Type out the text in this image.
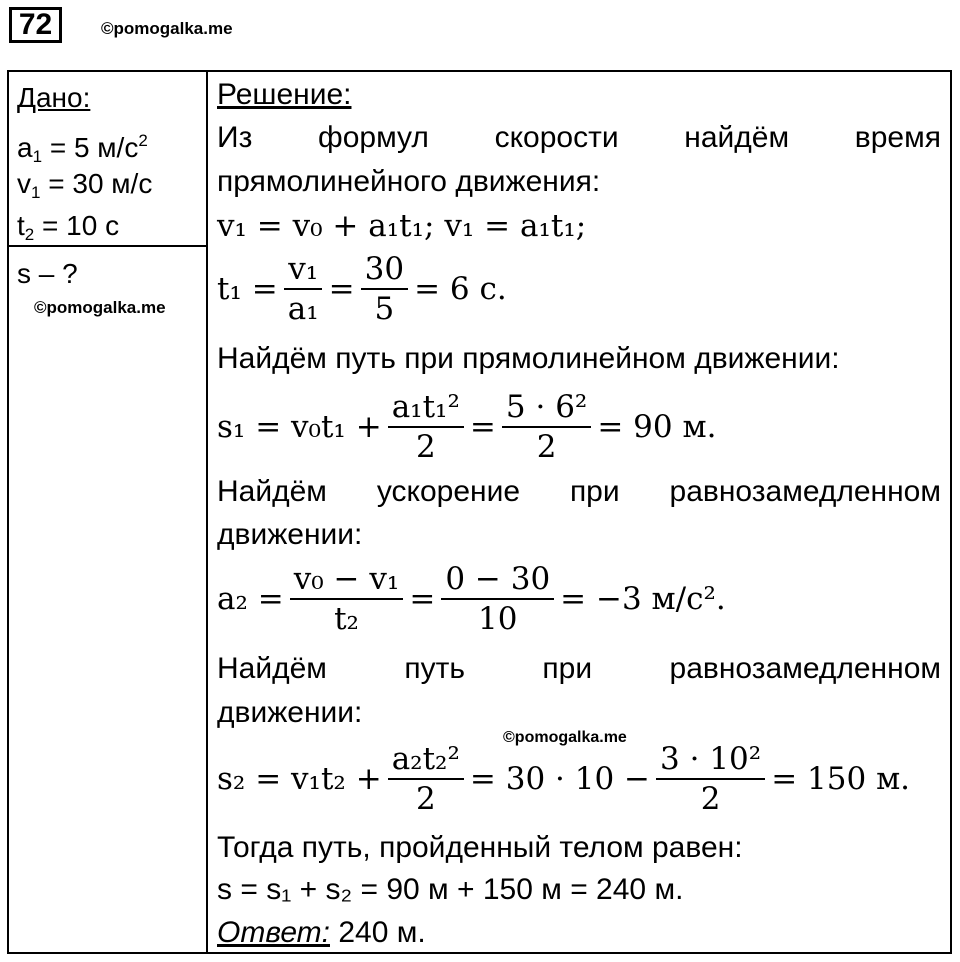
72	©pomogalka.me
Дано:
$a_1 = 5$ $м/с^2$
$v_1 = 30$ м/с
$t_2 = 10$ с
s – ?
©pomogalka.me
Решение:
Из формул скорости найдём время
прямолинейного движения:
v₁ = v₀ + a₁t₁; v₁ = a₁t₁;
$t_1 = \frac{\text{v₁}}{\text{a₁}} = \frac{30}{5} = 6$ с.
Найдём путь при прямолинейном движении:
$s_1 = v_0t_1 + \frac{\text{a₁t₁²}}{2} = \frac{\text{5 · 6²}}{2} = 90$ м.
Найдём ускорение при равнозамедленном
движении:
$a_2 = \frac{\text{v₀ − v₁}}{\text{t₂}} = \frac{0 - 30}{10} = -3$ м/с².
Найдём	путь	при	равнозамедленном
движении:
©pomogalka.me
$s_2 = v_1t_2 + \frac{\text{a₂t₂²}}{2} = 30 \cdot 10 - \frac{\text{3 · 10²}}{2} = 150$ м.
Тогда путь, пройденный телом равен:
s = s₁ + s₂ = 90 м + 150 м = 240 м.
Ответ: 240 м.
